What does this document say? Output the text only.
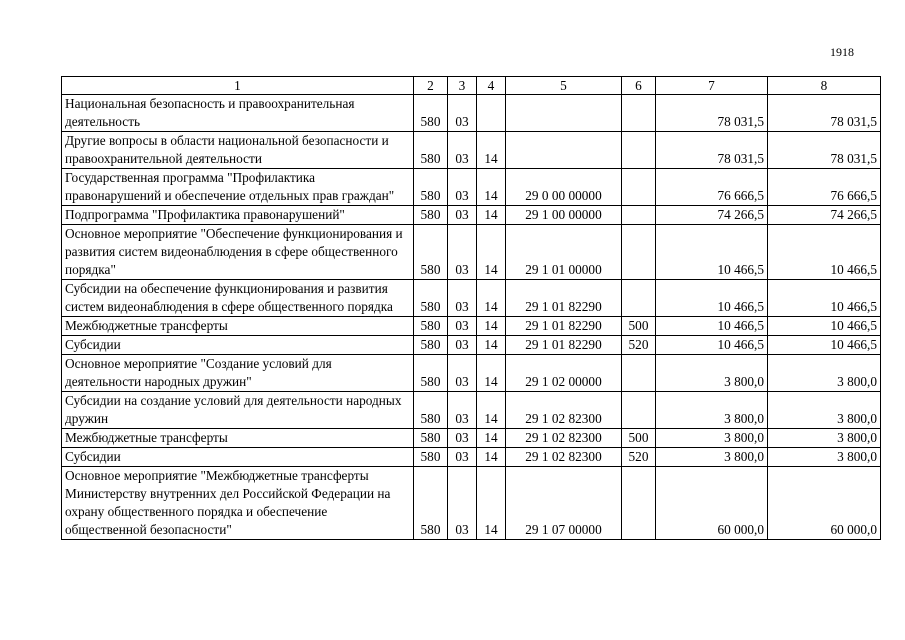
1918
1	2	3	4	5	6	7	8
Национальная безопасность и правоохранительная деятельность	580	03				78 031,5	78 031,5
Другие вопросы в области национальной безопасности и правоохранительной деятельности	580	03	14			78 031,5	78 031,5
Государственная программа "Профилактика правонарушений и обеспечение отдельных прав граждан"	580	03	14	29 0 00 00000		76 666,5	76 666,5
Подпрограмма "Профилактика правонарушений"	580	03	14	29 1 00 00000		74 266,5	74 266,5
Основное мероприятие "Обеспечение функционирования и развития систем видеонаблюдения в сфере общественного порядка"	580	03	14	29 1 01 00000		10 466,5	10 466,5
Субсидии на обеспечение функционирования и развития систем видеонаблюдения в сфере общественного порядка	580	03	14	29 1 01 82290		10 466,5	10 466,5
Межбюджетные трансферты	580	03	14	29 1 01 82290	500	10 466,5	10 466,5
Субсидии	580	03	14	29 1 01 82290	520	10 466,5	10 466,5
Основное мероприятие "Создание условий для деятельности народных дружин"	580	03	14	29 1 02 00000		3 800,0	3 800,0
Субсидии на создание условий для деятельности народных дружин	580	03	14	29 1 02 82300		3 800,0	3 800,0
Межбюджетные трансферты	580	03	14	29 1 02 82300	500	3 800,0	3 800,0
Субсидии	580	03	14	29 1 02 82300	520	3 800,0	3 800,0
Основное мероприятие "Межбюджетные трансферты Министерству внутренних дел Российской Федерации на охрану общественного порядка и обеспечение общественной безопасности"	580	03	14	29 1 07 00000		60 000,0	60 000,0
